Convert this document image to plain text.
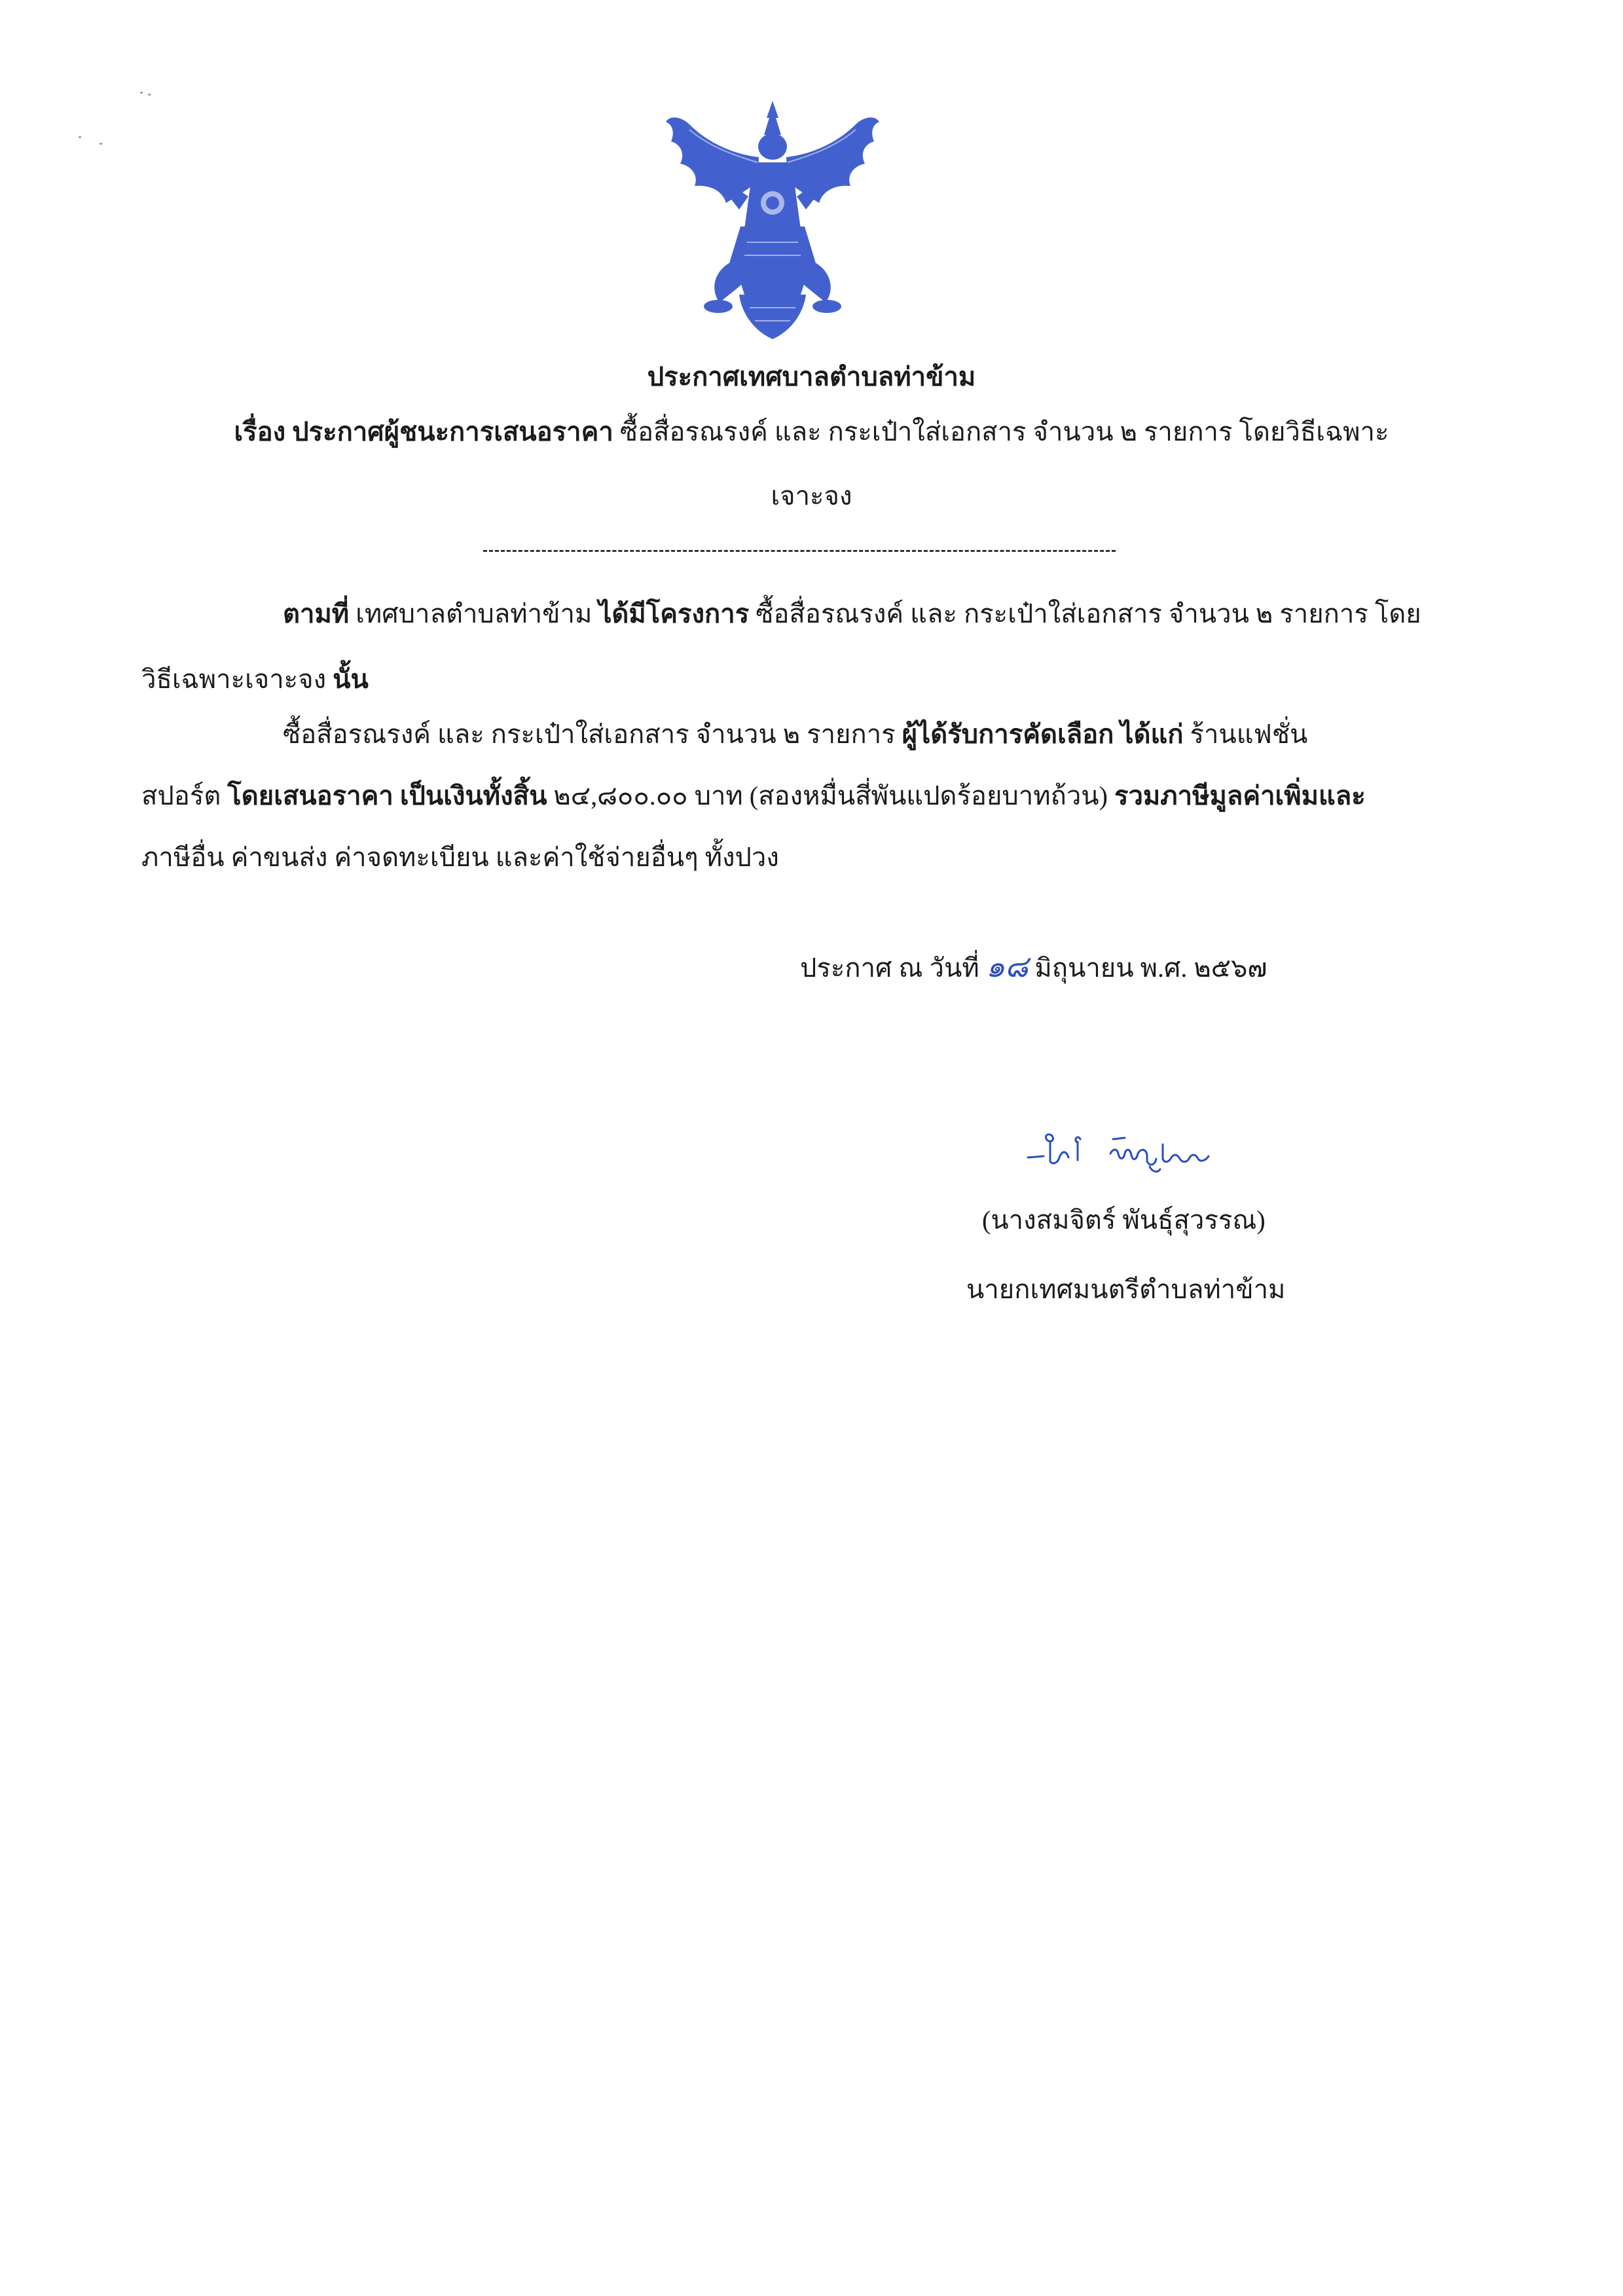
ประกาศเทศบาลตำบลท่าข้าม
เรื่อง ประกาศผู้ชนะการเสนอราคา ซื้อสื่อรณรงค์ และ กระเป๋าใส่เอกสาร จำนวน ๒ รายการ โดยวิธีเฉพาะ
เจาะจง
ตามที่ เทศบาลตำบลท่าข้าม ได้มีโครงการ ซื้อสื่อรณรงค์ และ กระเป๋าใส่เอกสาร จำนวน ๒ รายการ โดย
วิธีเฉพาะเจาะจง นั้น
ซื้อสื่อรณรงค์ และ กระเป๋าใส่เอกสาร จำนวน ๒ รายการ ผู้ได้รับการคัดเลือก ได้แก่ ร้านแฟชั่น
สปอร์ต โดยเสนอราคา เป็นเงินทั้งสิ้น ๒๔,๘๐๐.๐๐ บาท (สองหมื่นสี่พันแปดร้อยบาทถ้วน) รวมภาษีมูลค่าเพิ่มและ
ภาษีอื่น ค่าขนส่ง ค่าจดทะเบียน และค่าใช้จ่ายอื่นๆ ทั้งปวง
ประกาศ ณ วันที่ ๑๘ มิถุนายน พ.ศ. ๒๕๖๗
(นางสมจิตร์ พันธุ์สุวรรณ)
นายกเทศมนตรีตำบลท่าข้าม
